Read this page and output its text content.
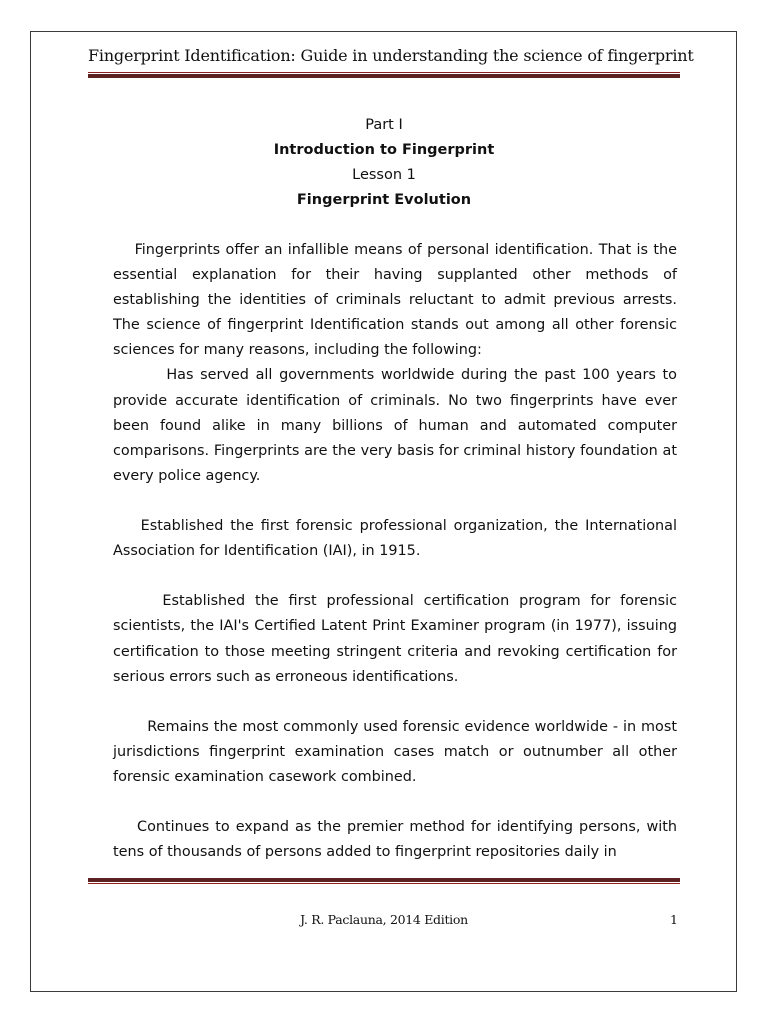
Fingerprint Identification: Guide in understanding the science of fingerprint
Part I
Introduction to Fingerprint
Lesson 1
Fingerprint Evolution

Fingerprints offer an infallible means of personal identification. That is the essential explanation for their having supplanted other methods of establishing the identities of criminals reluctant to admit previous arrests. The science of fingerprint Identification stands out among all other forensic sciences for many reasons, including the following:

Has served all governments worldwide during the past 100 years to provide accurate identification of criminals. No two fingerprints have ever been found alike in many billions of human and automated computer comparisons. Fingerprints are the very basis for criminal history foundation at every police agency.

Established the first forensic professional organization, the International Association for Identification (IAI), in 1915.

Established the first professional certification program for forensic scientists, the IAI's Certified Latent Print Examiner program (in 1977), issuing certification to those meeting stringent criteria and revoking certification for serious errors such as erroneous identifications.

Remains the most commonly used forensic evidence worldwide - in most jurisdictions fingerprint examination cases match or outnumber all other forensic examination casework combined.

Continues to expand as the premier method for identifying persons, with tens of thousands of persons added to fingerprint repositories daily in

J. R. Paclauna, 2014 Edition	1
